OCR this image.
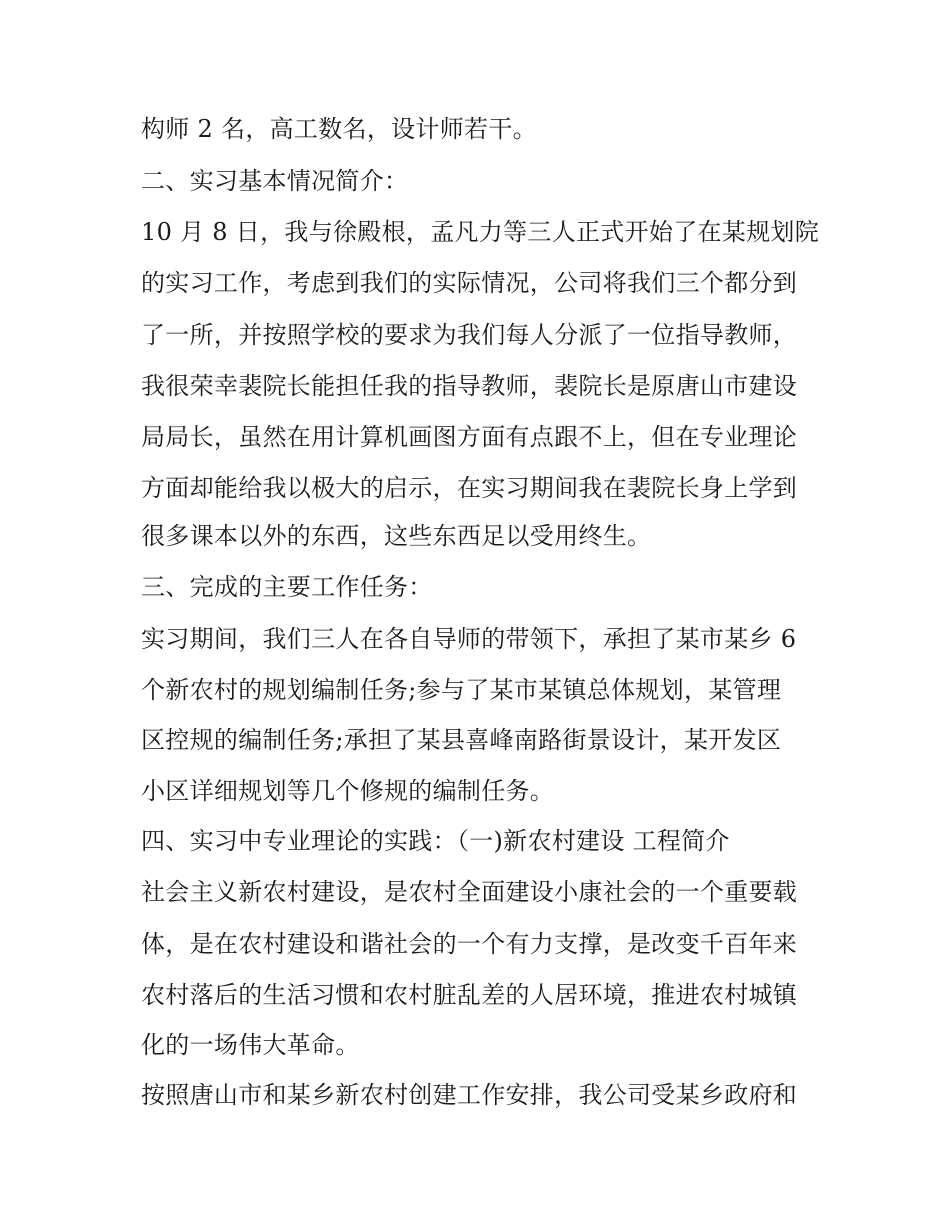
构师 2 名，高工数名，设计师若干。
二、实习基本情况简介：
10 月 8 日，我与徐殿根，孟凡力等三人正式开始了在某规划院
的实习工作，考虑到我们的实际情况，公司将我们三个都分到
了一所，并按照学校的要求为我们每人分派了一位指导教师，
我很荣幸裴院长能担任我的指导教师，裴院长是原唐山市建设
局局长，虽然在用计算机画图方面有点跟不上，但在专业理论
方面却能给我以极大的启示，在实习期间我在裴院长身上学到
很多课本以外的东西，这些东西足以受用终生。
三、完成的主要工作任务：
实习期间，我们三人在各自导师的带领下，承担了某市某乡 6
个新农村的规划编制任务;参与了某市某镇总体规划，某管理
区控规的编制任务;承担了某县喜峰南路街景设计，某开发区
小区详细规划等几个修规的编制任务。
四、实习中专业理论的实践：（一)新农村建设 工程简介
社会主义新农村建设，是农村全面建设小康社会的一个重要载
体，是在农村建设和谐社会的一个有力支撑，是改变千百年来
农村落后的生活习惯和农村脏乱差的人居环境，推进农村城镇
化的一场伟大革命。
按照唐山市和某乡新农村创建工作安排，我公司受某乡政府和
